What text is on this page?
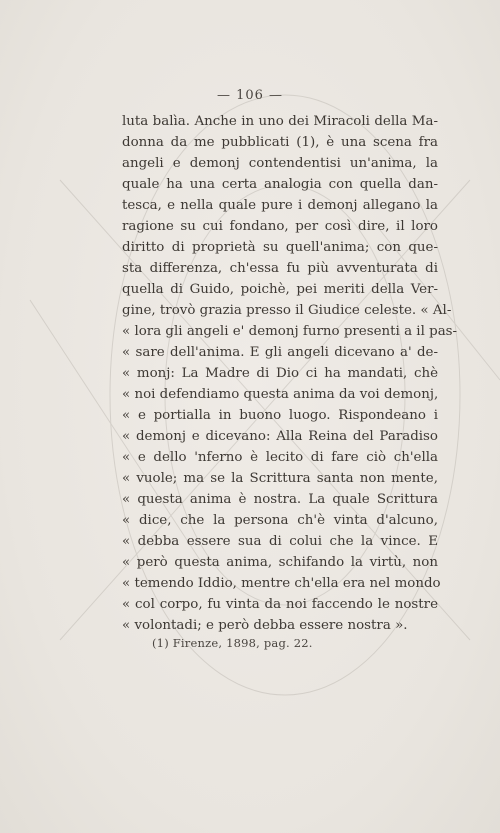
— 106 —
luta balìa. Anche in uno dei Miracoli della Ma-
donna da me pubblicati (1), è una scena fra
angeli e demonj contendentisi un'anima, la
quale ha una certa analogia con quella dan-
tesca, e nella quale pure i demonj allegano la
ragione su cui fondano, per così dire, il loro
diritto di proprietà su quell'anima; con que-
sta differenza, ch'essa fu più avventurata di
quella di Guido, poichè, pei meriti della Ver-
gine, trovò grazia presso il Giudice celeste. « Al-
« lora gli angeli e' demonj furno presenti a il pas-
« sare dell'anima. E gli angeli dicevano a' de-
« monj: La Madre di Dio ci ha mandati, chè
« noi defendiamo questa anima da voi demonj,
« e portialla in buono luogo. Rispondeano i
« demonj e dicevano: Alla Reina del Paradiso
« e dello 'nferno è lecito di fare ciò ch'ella
« vuole; ma se la Scrittura santa non mente,
« questa anima è nostra. La quale Scrittura
« dice, che la persona ch'è vinta d'alcuno,
« debba essere sua di colui che la vince. E
« però questa anima, schifando la virtù, non
« temendo Iddio, mentre ch'ella era nel mondo
« col corpo, fu vinta da noi faccendo le nostre
« volontadi; e però debba essere nostra ».
(1) Firenze, 1898, pag. 22.
